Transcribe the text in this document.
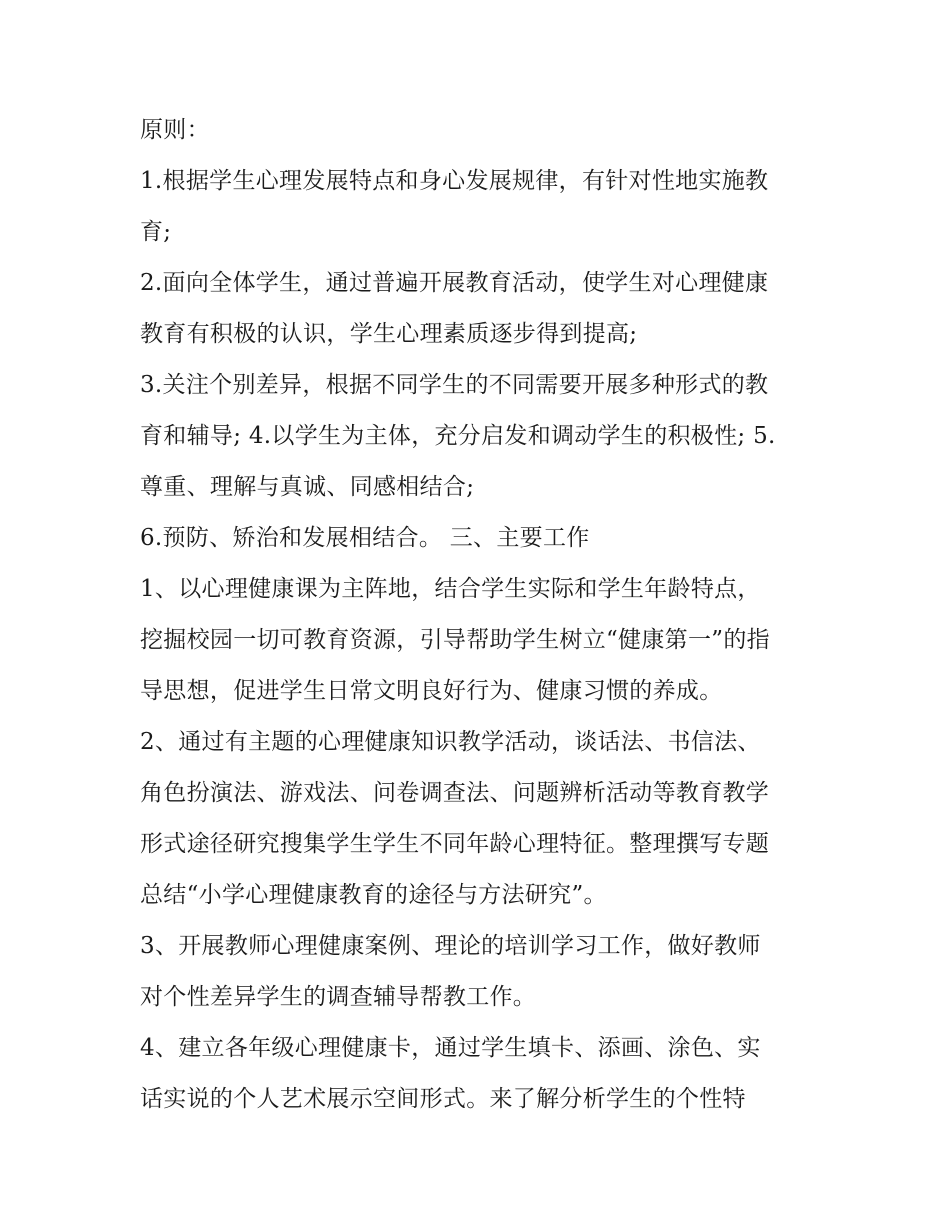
原则：
1.根据学生心理发展特点和身心发展规律，有针对性地实施教
育;
2.面向全体学生，通过普遍开展教育活动，使学生对心理健康
教育有积极的认识，学生心理素质逐步得到提高;
3.关注个别差异，根据不同学生的不同需要开展多种形式的教
育和辅导; 4.以学生为主体，充分启发和调动学生的积极性; 5.
尊重、理解与真诚、同感相结合;
6.预防、矫治和发展相结合。 三、主要工作
1、以心理健康课为主阵地，结合学生实际和学生年龄特点，
挖掘校园一切可教育资源，引导帮助学生树立“健康第一”的指
导思想，促进学生日常文明良好行为、健康习惯的养成。
2、通过有主题的心理健康知识教学活动，谈话法、书信法、
角色扮演法、游戏法、问卷调查法、问题辨析活动等教育教学
形式途径研究搜集学生学生不同年龄心理特征。整理撰写专题
总结“小学心理健康教育的途径与方法研究”。
3、开展教师心理健康案例、理论的培训学习工作，做好教师
对个性差异学生的调查辅导帮教工作。
4、建立各年级心理健康卡，通过学生填卡、添画、涂色、实
话实说的个人艺术展示空间形式。来了解分析学生的个性特
